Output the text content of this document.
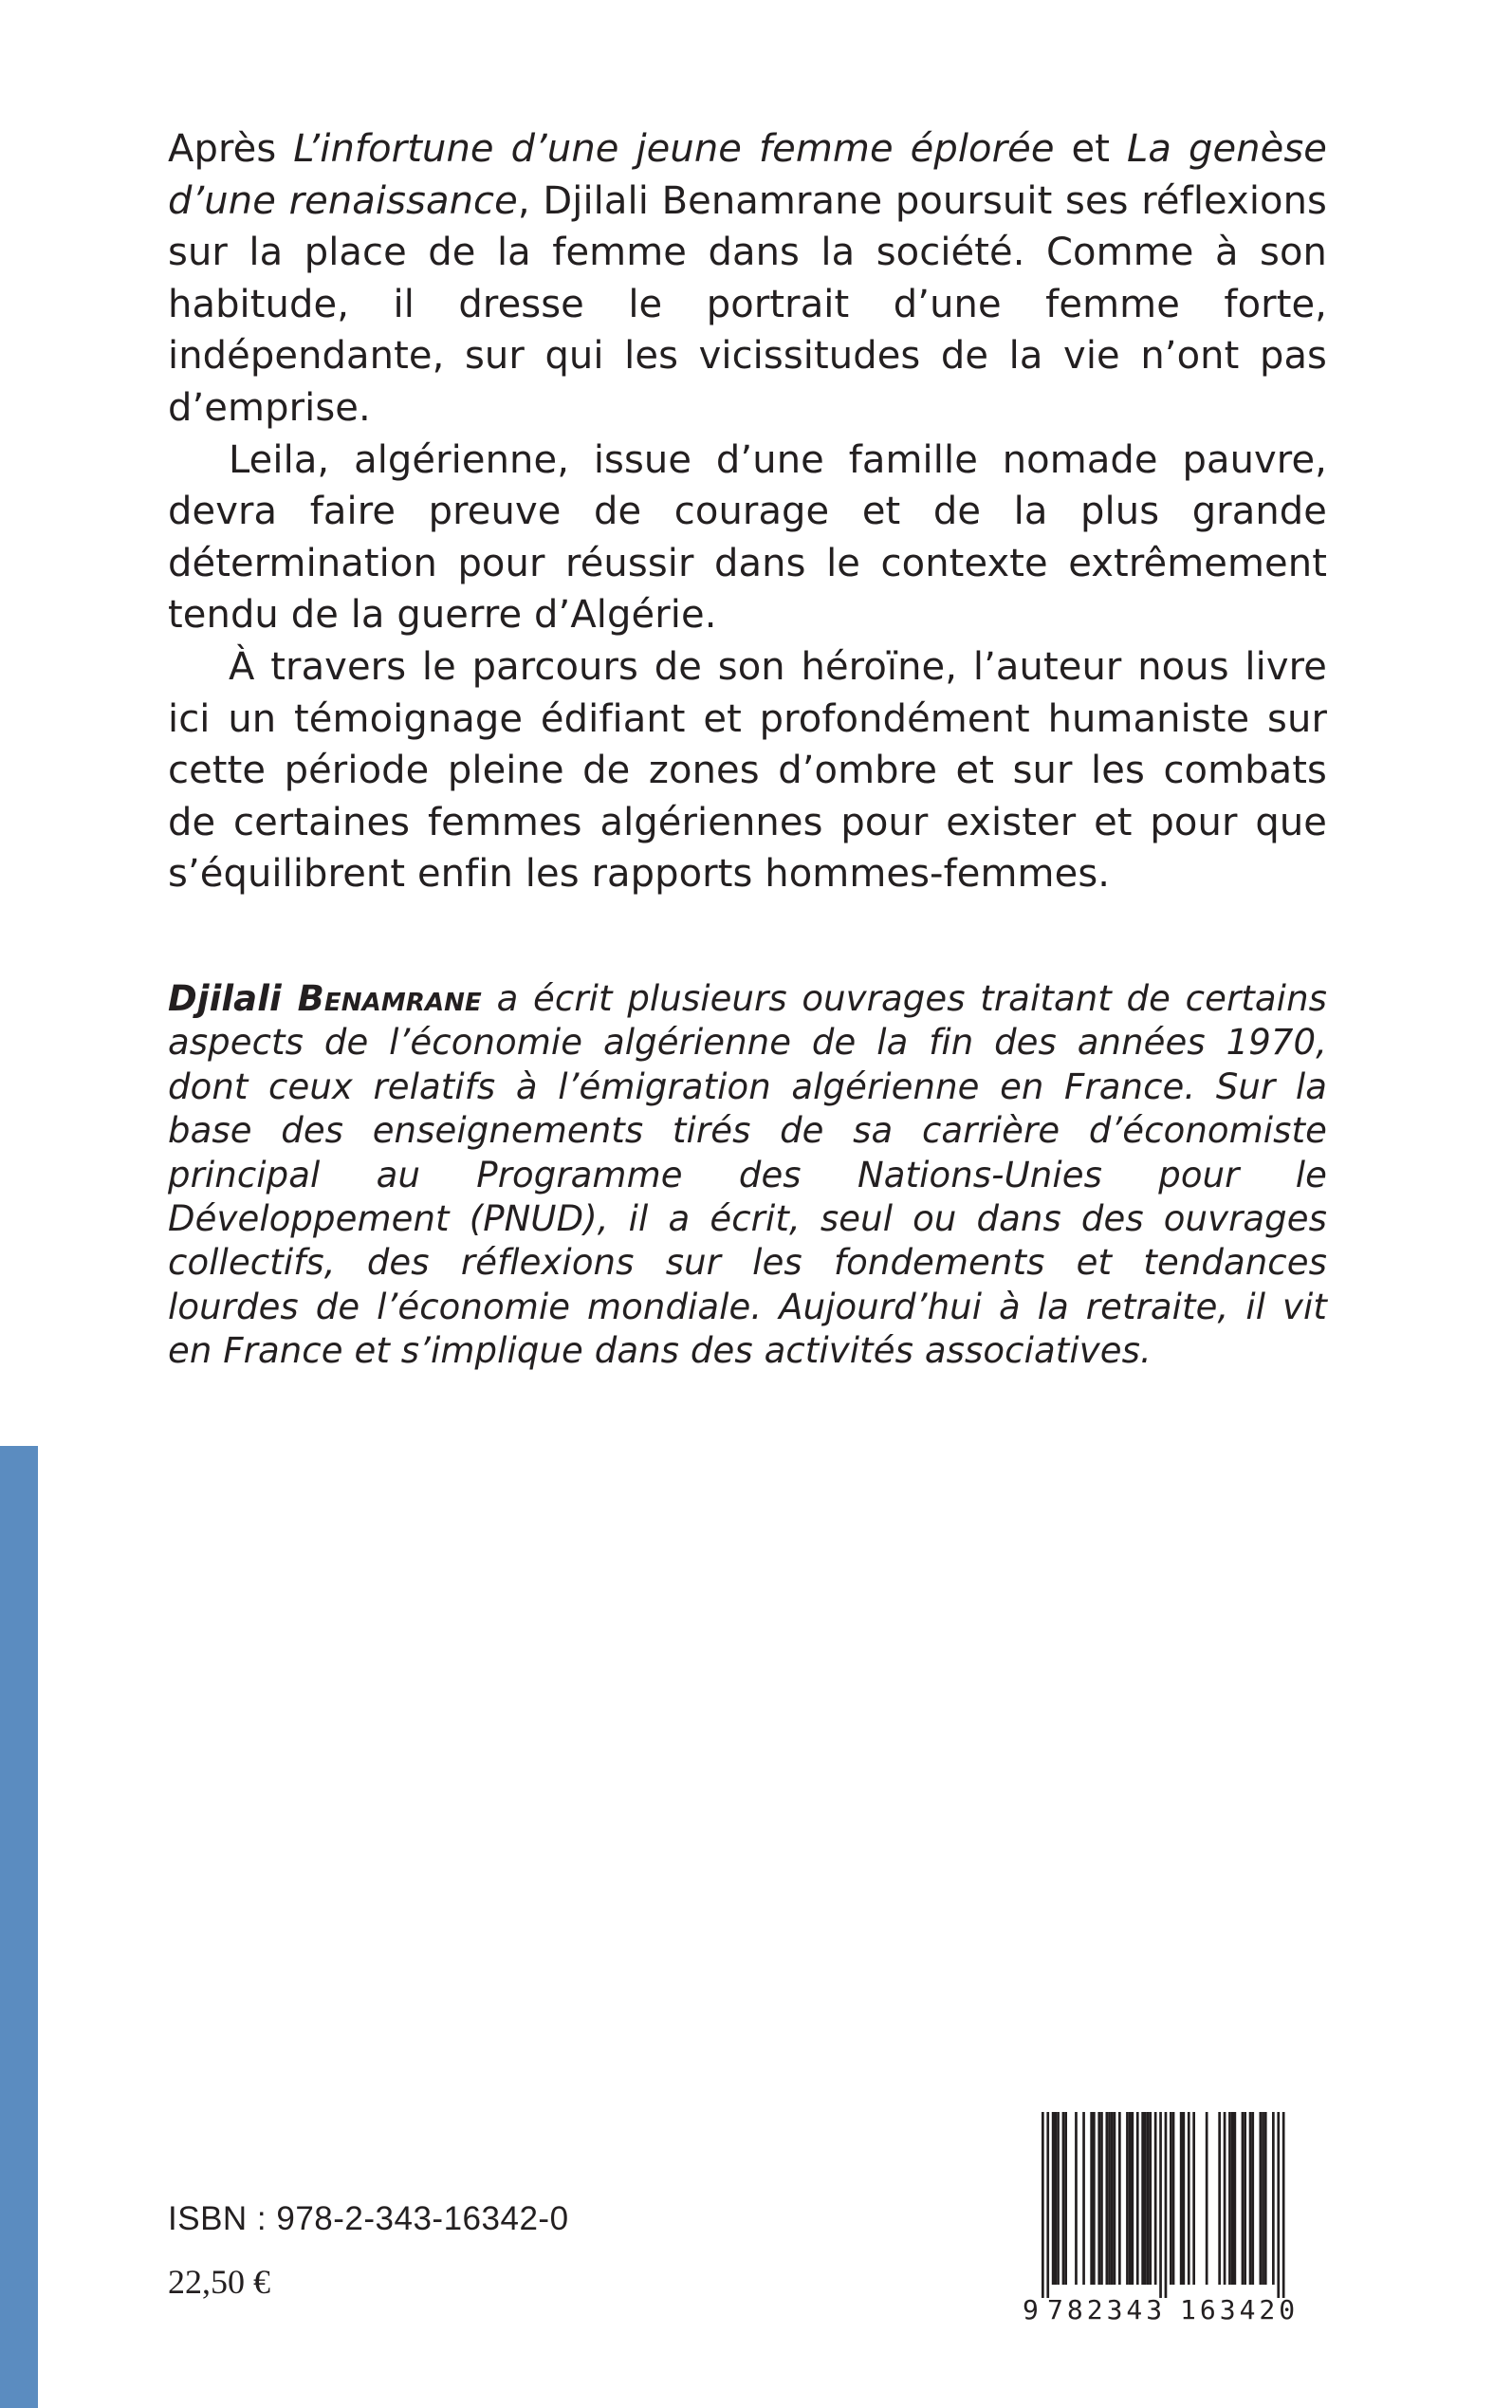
Après L’infortune d’une jeune femme éplorée et La genèse d’une renaissance, Djilali Benamrane poursuit ses réflexions sur la place de la femme dans la société. Comme à son habitude, il dresse le portrait d’une femme forte, indépendante, sur qui les vicissitudes de la vie n’ont pas d’emprise.

Leila, algérienne, issue d’une famille nomade pauvre, devra faire preuve de courage et de la plus grande détermination pour réussir dans le contexte extrêmement tendu de la guerre d’Algérie.

À travers le parcours de son héroïne, l’auteur nous livre ici un témoignage édifiant et profondément humaniste sur cette période pleine de zones d’ombre et sur les combats de certaines femmes algériennes pour exister et pour que s’équilibrent enfin les rapports hommes-femmes.

Djilali Benamrane a écrit plusieurs ouvrages traitant de certains aspects de l’économie algérienne de la fin des années 1970, dont ceux relatifs à l’émigration algérienne en France. Sur la base des enseignements tirés de sa carrière d’économiste principal au Programme des Nations-Unies pour le Développement (PNUD), il a écrit, seul ou dans des ouvrages collectifs, des réflexions sur les fondements et tendances lourdes de l’économie mondiale. Aujourd’hui à la retraite, il vit en France et s’implique dans des activités associatives.

ISBN : 978-2-343-16342-0
22,50 €
9 782343 163420
